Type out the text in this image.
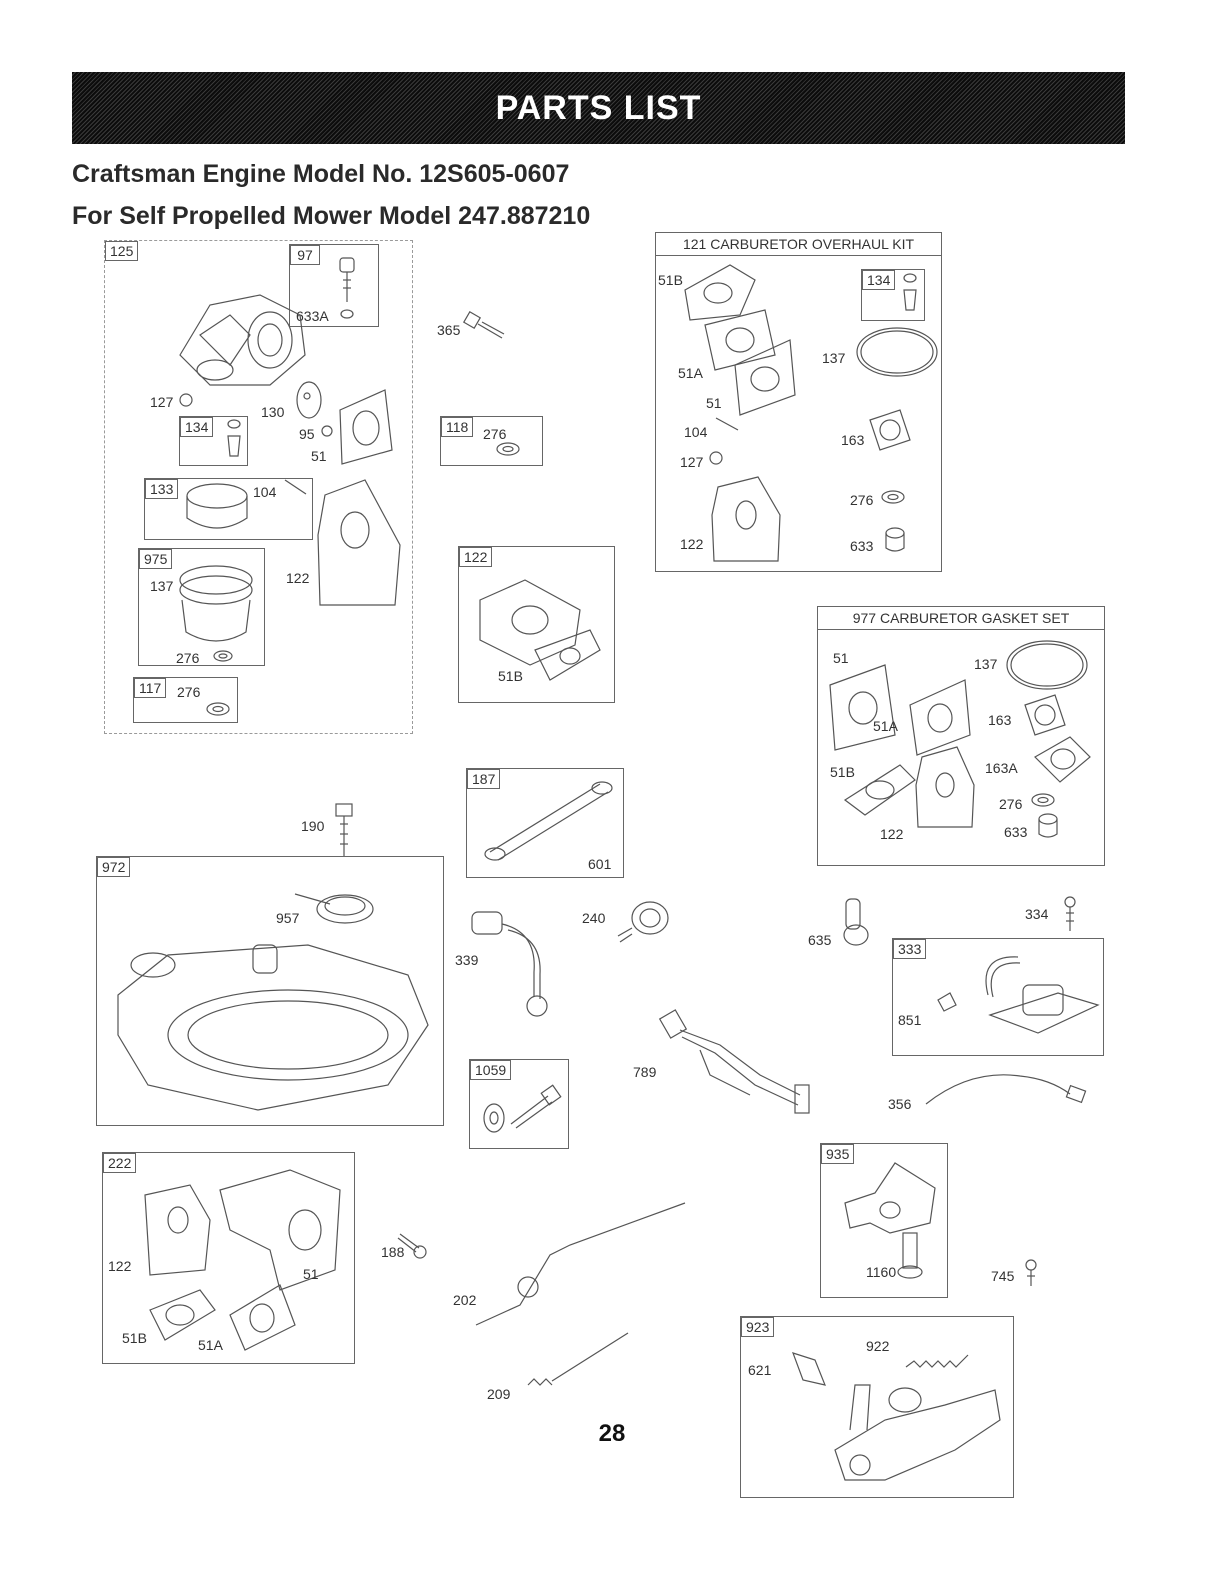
PARTS LIST
Craftsman Engine Model No. 12S605-0607
For Self Propelled Mower Model 247.887210
125	97
633A
127
130
134	95
51
133	104
122
975
137
276
117	276
365
118	276
122
51B
121 CARBURETOR OVERHAUL KIT
51B
51A
51
104
127
122
134
137
163
276
633
977 CARBURETOR GASKET SET
51	137
51A	163
51B	163A
276
122	633
187
601
190
972
957
339
240
635
334
333
851
1059	789
356
222
122	51
51B	51A
188
202
209
935
1160	745
923
922
621
28
